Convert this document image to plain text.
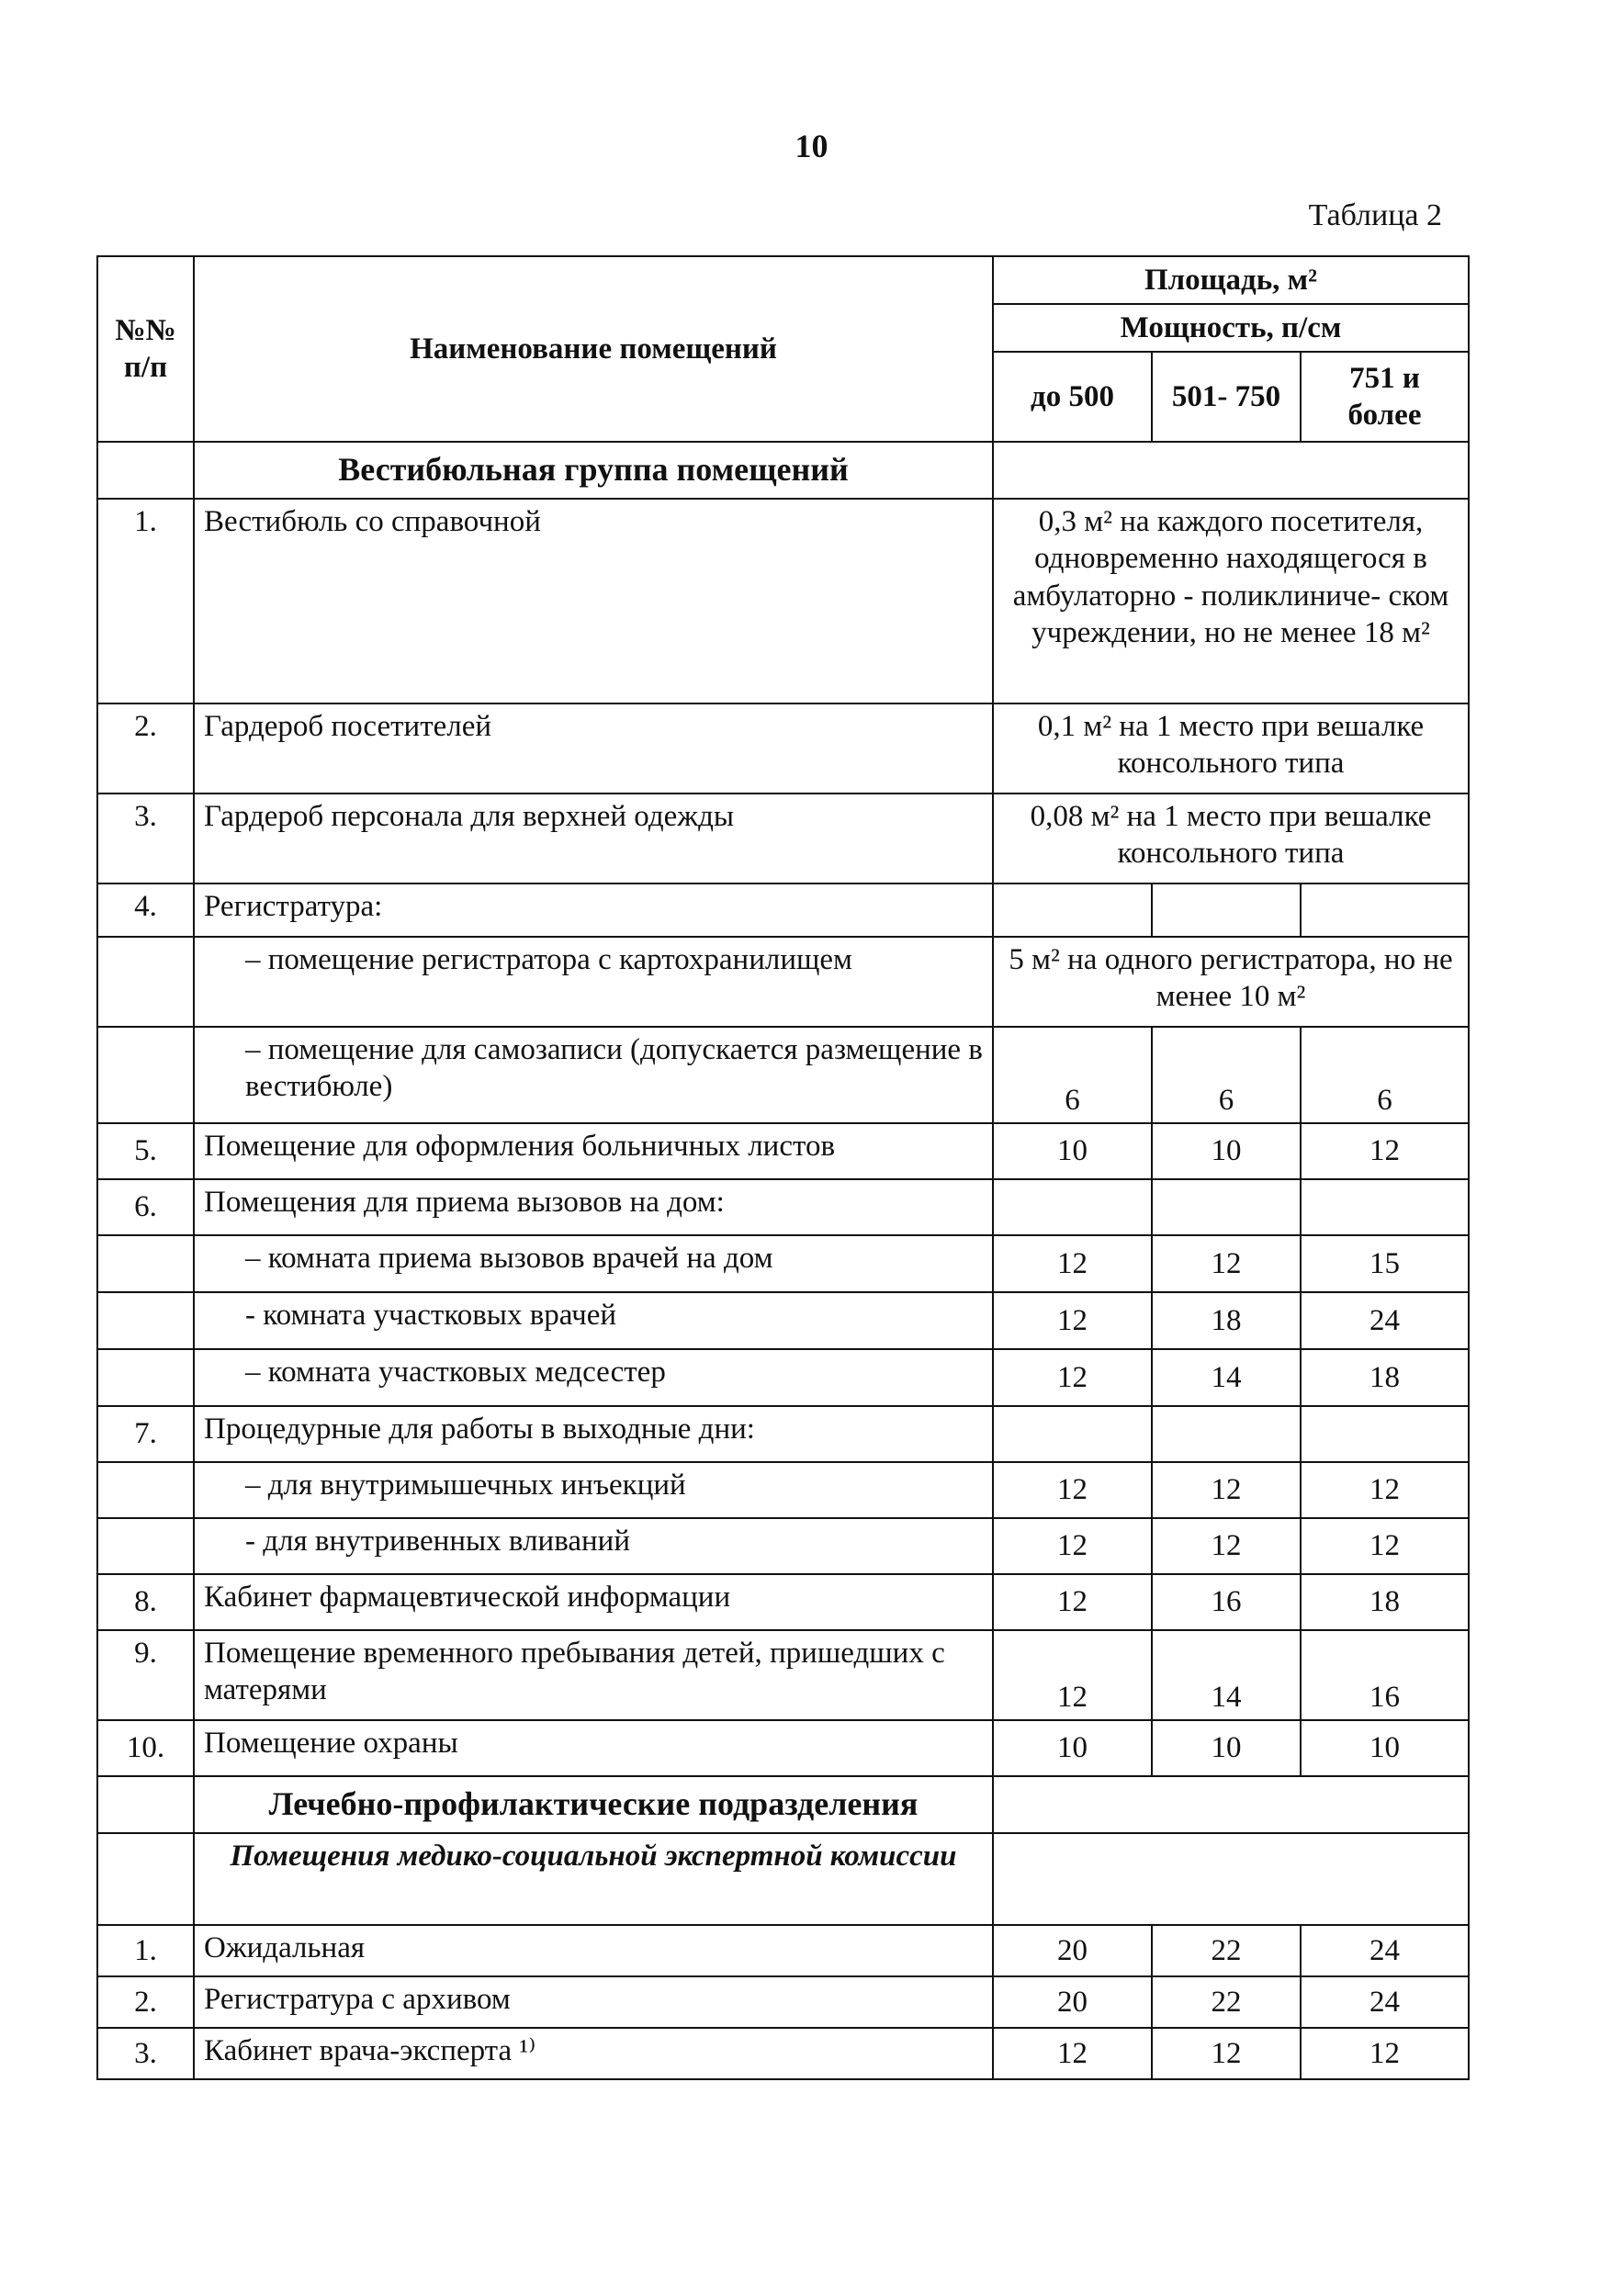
10
Таблица 2
№№ п/п	Наименование помещений	Площадь, м²		
		Мощность, п/см		
		до 500	501- 750	751 и более
	Вестибюльная группа помещений			
1.	Вестибюль со справочной	0,3 м² на каждого посетителя, одновременно находящегося в амбулаторно - поликлиниче- ском учреждении, но не менее 18 м²		
2.	Гардероб посетителей	0,1 м² на 1 место при вешалке консольного типа		
3.	Гардероб персонала для верхней одежды	0,08 м² на 1 место при вешалке консольного типа		
4.	Регистратура:			
	– помещение регистратора с картохранилищем	5 м² на одного регистратора, но не менее 10 м²		
	– помещение для самозаписи (допускается размещение в вестибюле)	6	6	6
5.	Помещение для оформления больничных листов	10	10	12
6.	Помещения для приема вызовов на дом:			
	– комната приема вызовов врачей на дом	12	12	15
	- комната участковых врачей	12	18	24
	– комната участковых медсестер	12	14	18
7.	Процедурные для работы в выходные дни:			
	– для внутримышечных инъекций	12	12	12
	- для внутривенных вливаний	12	12	12
8.	Кабинет фармацевтической информации	12	16	18
9.	Помещение временного пребывания детей, пришедших с матерями	12	14	16
10.	Помещение охраны	10	10	10
	Лечебно-профилактические подразделения			
	Помещения медико-социальной экспертной комиссии			
1.	Ожидальная	20	22	24
2.	Регистратура с архивом	20	22	24
3.	Кабинет врача-эксперта ¹⁾	12	12	12
